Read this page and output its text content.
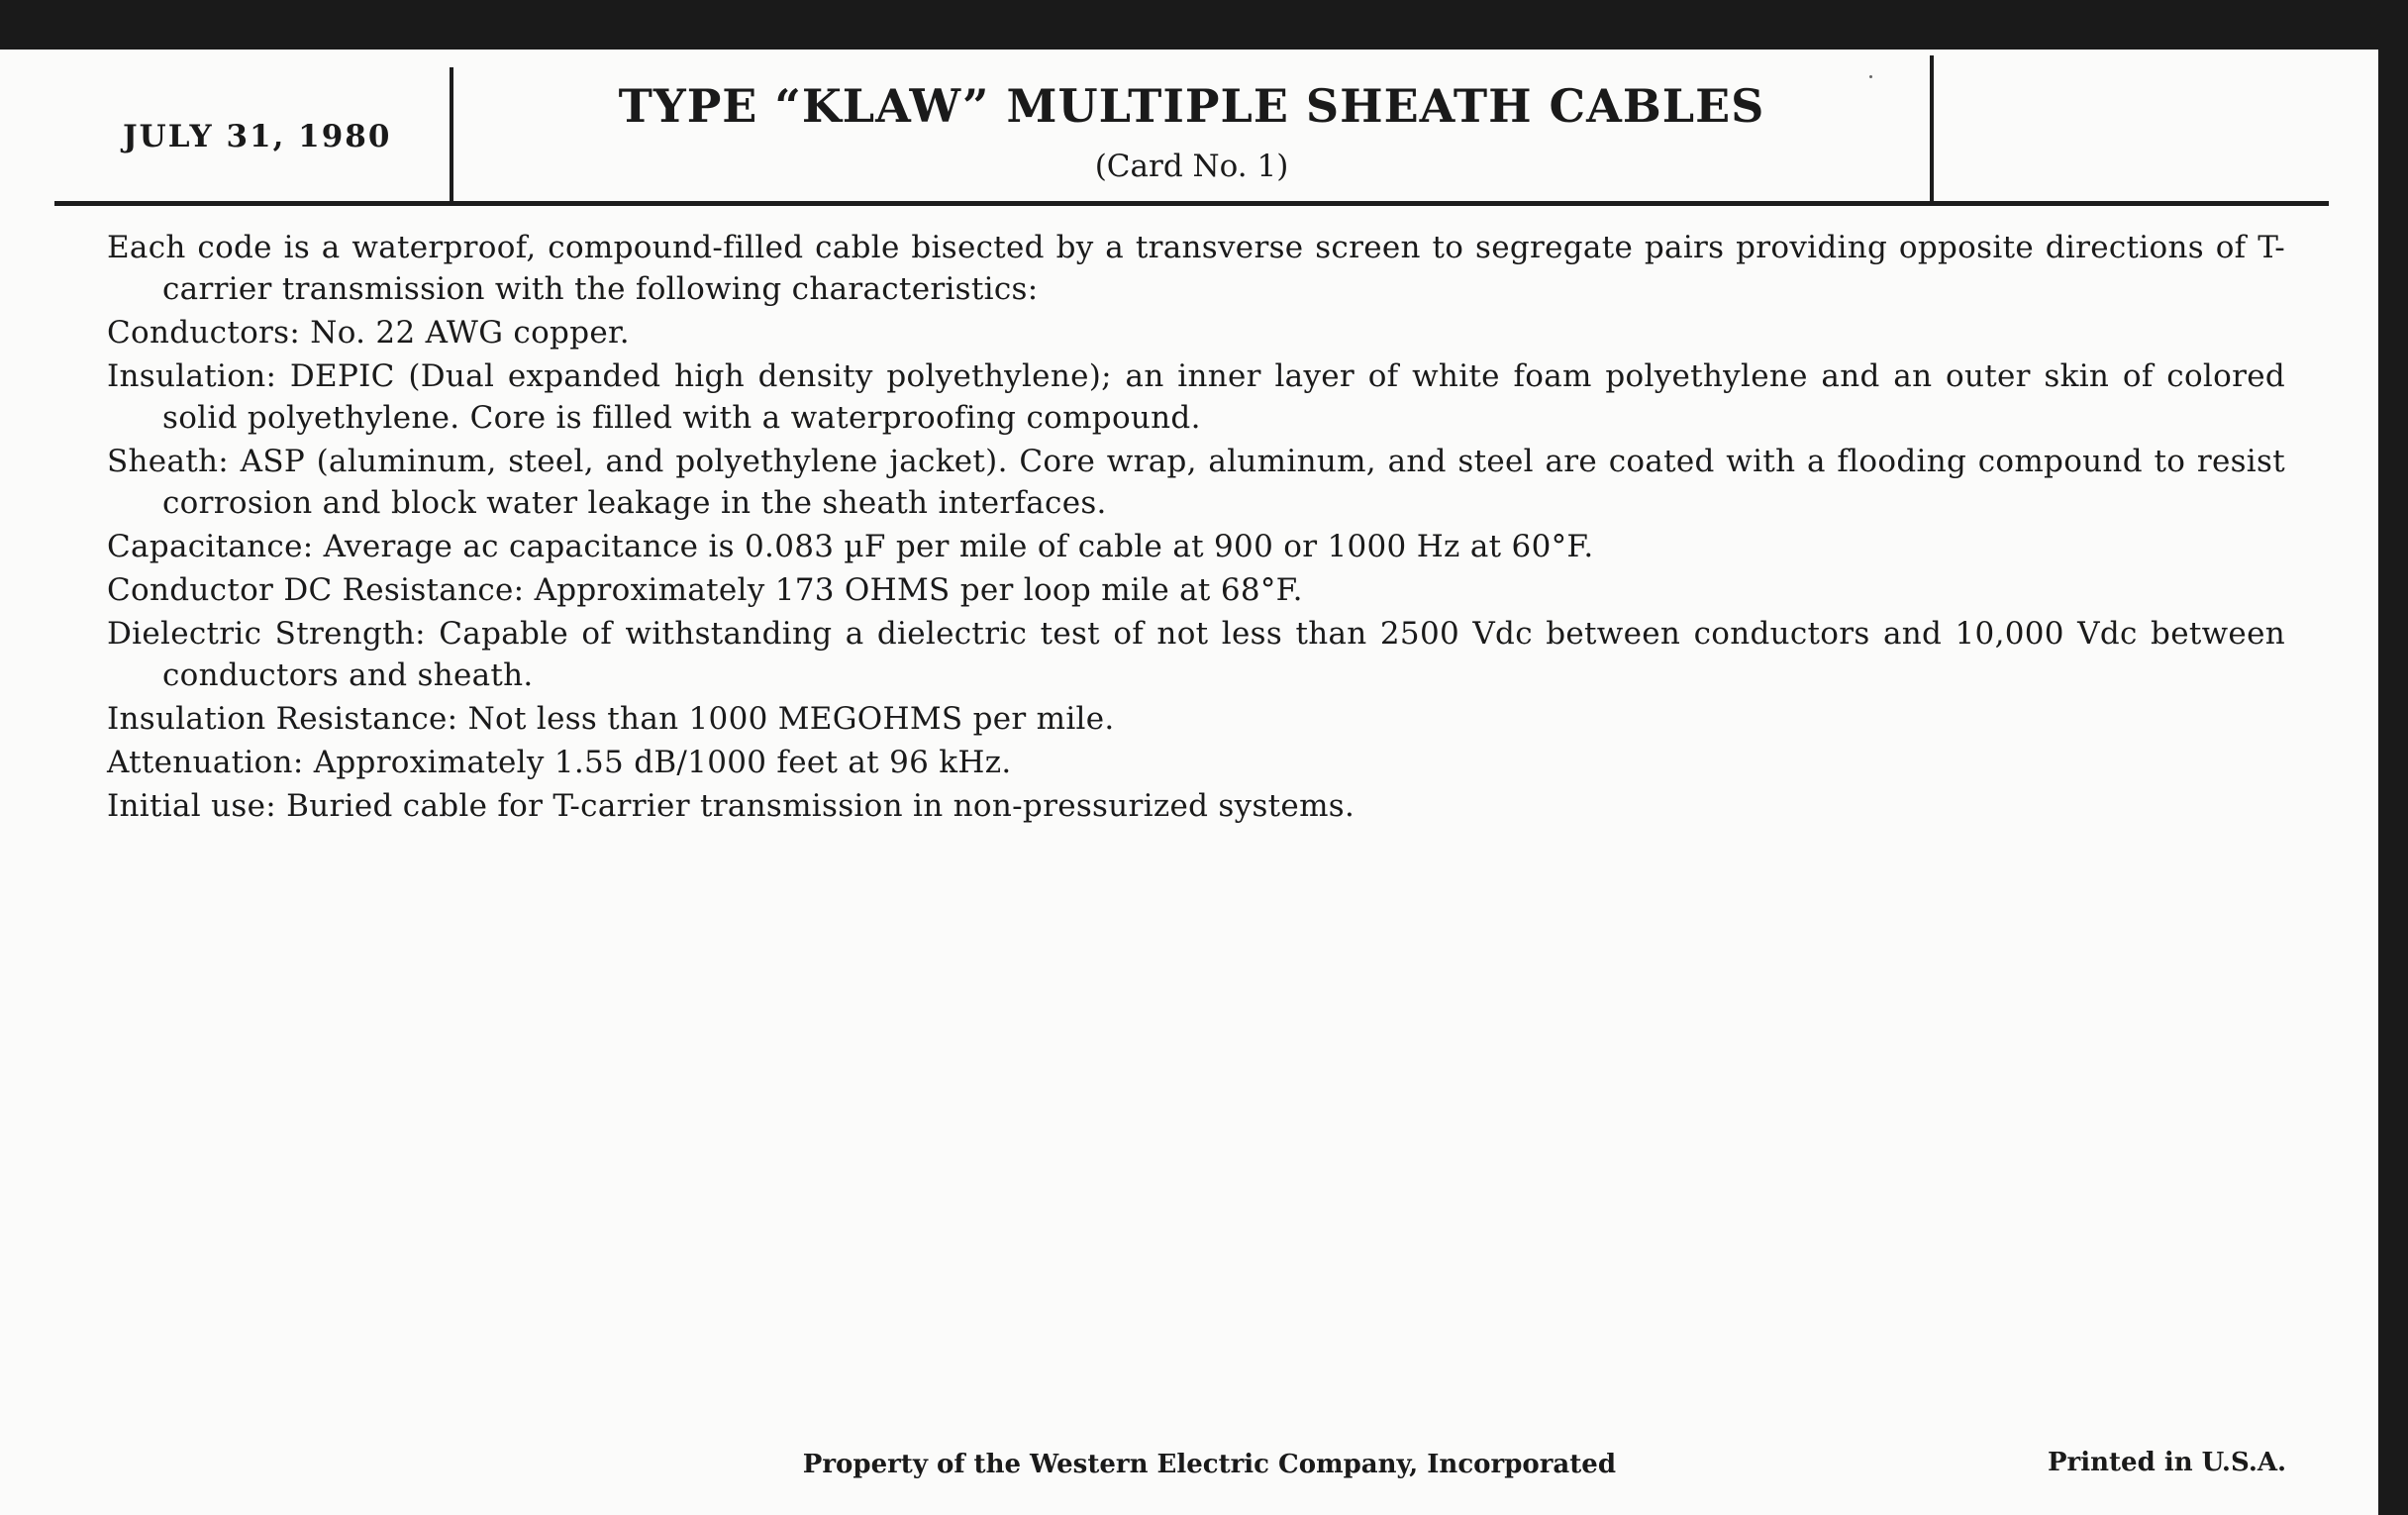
JULY 31, 1980
TYPE “KLAW” MULTIPLE SHEATH CABLES
(Card No. 1)

Each code is a waterproof, compound-filled cable bisected by a transverse screen to segregate pairs providing opposite directions of T-carrier transmission with the following characteristics:

Conductors: No. 22 AWG copper.

Insulation: DEPIC (Dual expanded high density polyethylene); an inner layer of white foam polyethylene and an outer skin of colored solid polyethylene. Core is filled with a waterproofing compound.

Sheath: ASP (aluminum, steel, and polyethylene jacket). Core wrap, aluminum, and steel are coated with a flooding compound to resist corrosion and block water leakage in the sheath interfaces.

Capacitance: Average ac capacitance is 0.083 µF per mile of cable at 900 or 1000 Hz at 60°F.

Conductor DC Resistance: Approximately 173 OHMS per loop mile at 68°F.

Dielectric Strength: Capable of withstanding a dielectric test of not less than 2500 Vdc between conductors and 10,000 Vdc between conductors and sheath.

Insulation Resistance: Not less than 1000 MEGOHMS per mile.

Attenuation: Approximately 1.55 dB/1000 feet at 96 kHz.

Initial use: Buried cable for T-carrier transmission in non-pressurized systems.

Property of the Western Electric Company, Incorporated	Printed in U.S.A.
